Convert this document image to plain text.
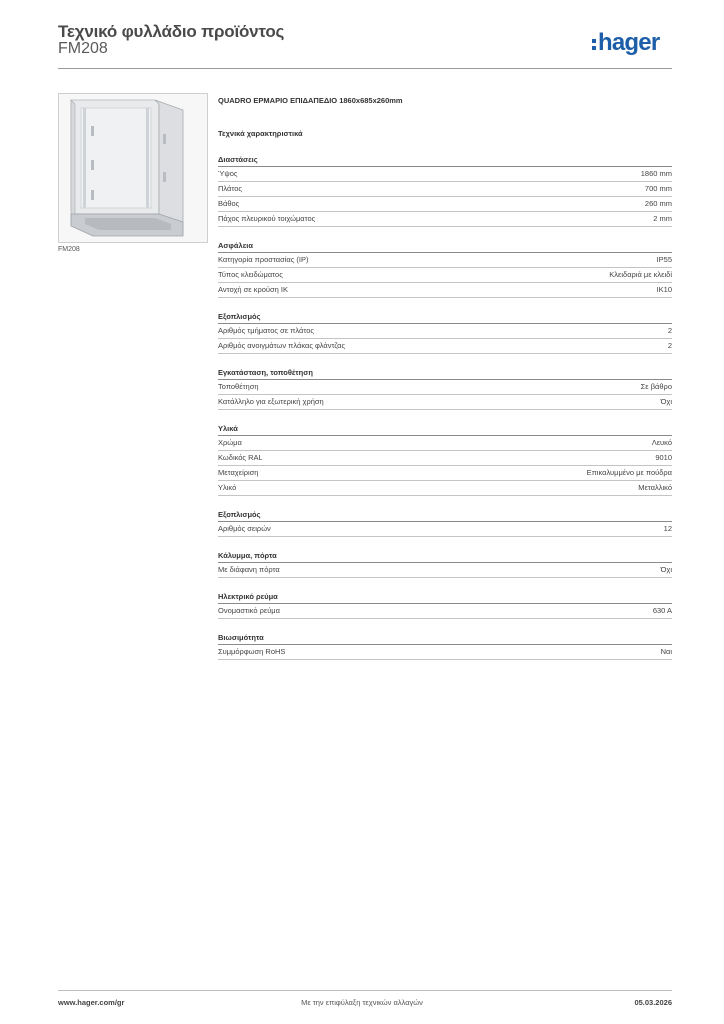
Τεχνικό φυλλάδιο προϊόντος
FM208	hager
FM208
QUADRO ΕΡΜΑΡΙΟ ΕΠΙΔΑΠΕΔΙΟ 1860x685x260mm
Τεχνικά χαρακτηριστικά
Διαστάσεις
Ύψος	1860 mm
Πλάτος	700 mm
Βάθος	260 mm
Πάχος πλευρικού τοιχώματος	2 mm
Ασφάλεια
Κατηγορία προστασίας (IP)	IP55
Τύπος κλειδώματος	Κλειδαριά με κλειδί
Αντοχή σε κρούση IK	IK10
Εξοπλισμός
Αριθμός τμήματος σε πλάτος	2
Αριθμός ανοιγμάτων πλάκας φλάντζας	2
Εγκατάσταση, τοποθέτηση
Τοποθέτηση	Σε βάθρο
Κατάλληλο για εξωτερική χρήση	Όχι
Υλικά
Χρώμα	Λευκό
Κωδικός RAL	9010
Μεταχείριση	Επικαλυμμένο με πούδρα
Υλικό	Μεταλλικό
Εξοπλισμός
Αριθμός σειρών	12
Κάλυμμα, πόρτα
Με διάφανη πόρτα	Όχι
Ηλεκτρικό ρεύμα
Ονομαστικό ρεύμα	630 A
Βιωσιμότητα
Συμμόρφωση RoHS	Ναι
Με την επιφύλαξη τεχνικών αλλαγών
www.hager.com/gr	05.03.2026
